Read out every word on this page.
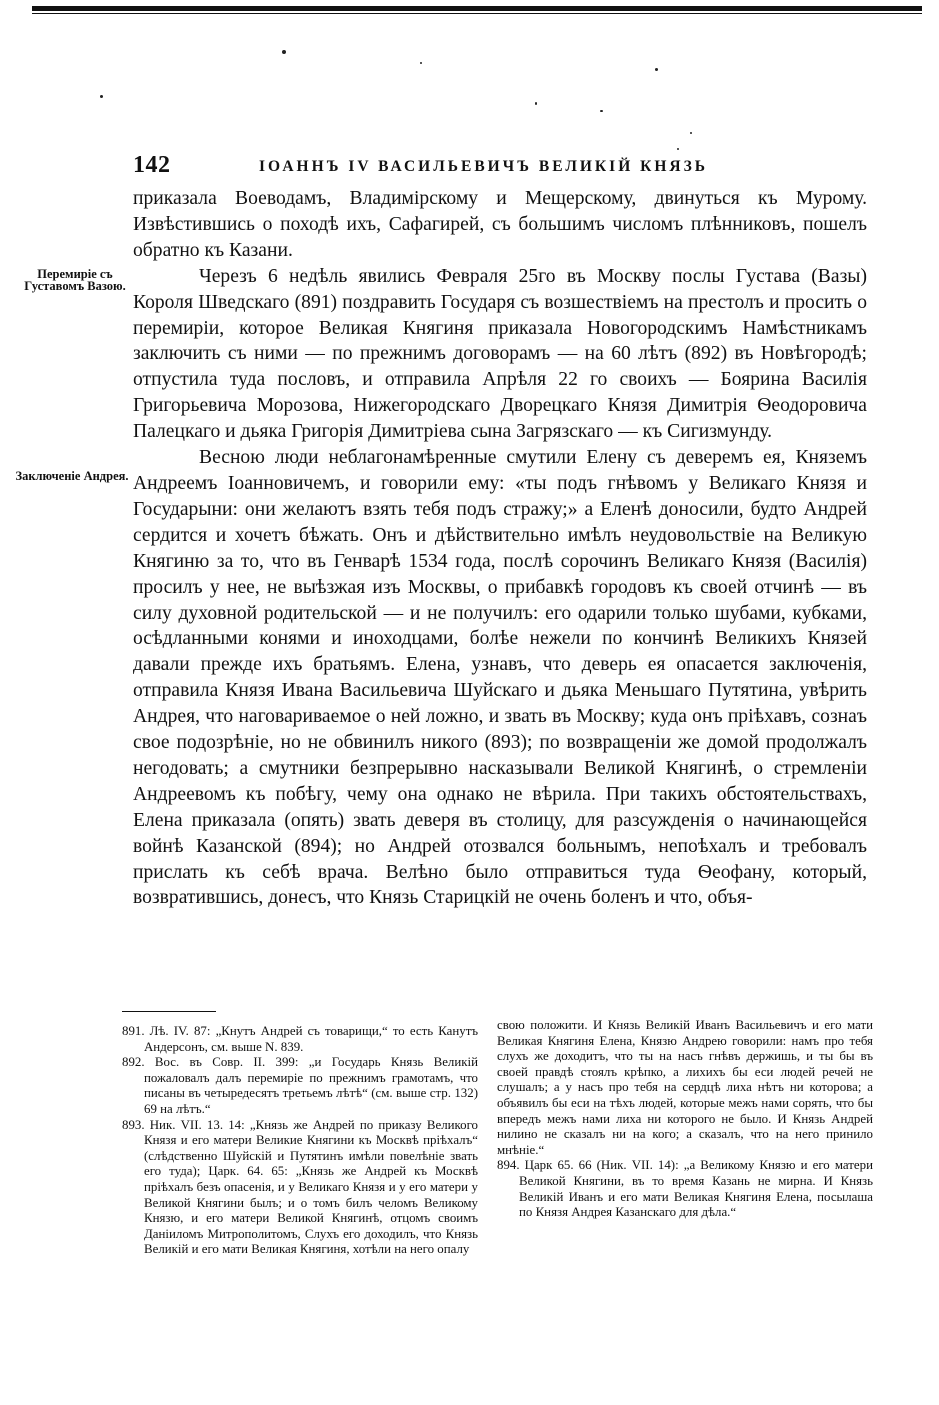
142	ІОАННЪ IV ВАСИЛЬЕВИЧЪ ВЕЛИКІЙ КНЯЗЬ
Перемиріе съ Густавомъ Вазою.
Заключеніе Андрея.

приказала Воеводамъ, Владимірскому и Мещерскому, двинуться къ Мурому. Извѣстившись о походѣ ихъ, Сафагирей, съ большимъ числомъ плѣнниковъ, пошелъ обратно къ Казани.

Черезъ 6 недѣль явились Февраля 25го въ Москву послы Густава (Вазы) Короля Шведскаго (891) поздравить Государя съ возшествіемъ на престолъ и просить о перемиріи, которое Великая Княгиня приказала Новогородскимъ Намѣстникамъ заключить съ ними — по прежнимъ договорамъ — на 60 лѣтъ (892) въ Новѣгородѣ; отпустила туда пословъ, и отправила Апрѣля 22 го своихъ — Боярина Василія Григорьевича Морозова, Нижегородскаго Дворецкаго Князя Димитрія Ѳеодоровича Палецкаго и дьяка Григорія Димитріева сына Загрязскаго — къ Сигизмунду.

Весною люди неблагонамѣренные смутили Елену съ деверемъ ея, Княземъ Андреемъ Іоанновичемъ, и говорили ему: «ты подъ гнѣвомъ у Великаго Князя и Государыни: они желаютъ взять тебя подъ стражу;» а Еленѣ доносили, будто Андрей сердится и хочетъ бѣжать. Онъ и дѣйствительно имѣлъ неудовольствіе на Великую Княгиню за то, что въ Генварѣ 1534 года, послѣ сорочинъ Великаго Князя (Василія) просилъ у нее, не выѣзжая изъ Москвы, о прибавкѣ городовъ къ своей отчинѣ — въ силу духовной родительской — и не получилъ: его одарили только шубами, кубками, осѣдланными конями и иноходцами, болѣе нежели по кончинѣ Великихъ Князей давали прежде ихъ братьямъ. Елена, узнавъ, что деверь ея опасается заключенія, отправила Князя Ивана Васильевича Шуйскаго и дьяка Меньшаго Путятина, увѣрить Андрея, что наговариваемое о ней ложно, и звать въ Москву; куда онъ пріѣхавъ, сознаъ свое подозрѣніе, но не обвинилъ никого (893); по возвращеніи же домой продолжалъ негодовать; а смутники безпрерывно насказывали Великой Княгинѣ, о стремленіи Андреевомъ къ побѣгу, чему она однако не вѣрила. При такихъ обстоятельствахъ, Елена приказала (опять) звать деверя въ столицу, для разсужденія о начинающейся войнѣ Казанской (894); но Андрей отозвался больнымъ, непоѣхалъ и требовалъ прислать къ себѣ врача. Велѣно было отправиться туда Ѳеофану, который, возвратившись, донесъ, что Князь Старицкій не очень боленъ и что, объя-

891. Лѣ. IV. 87: „Кнутъ Андрей съ товарищи,“ то есть Канутъ Андерсонъ, см. выше N. 839.
892. Вос. въ Совр. II. 399: „и Государь Князь Великій пожаловалъ далъ перемиріе по прежнимъ грамотамъ, что писаны въ четыредесятъ третьемъ лѣтѣ“ (см. выше стр. 132) 69 на лѣтъ.“
893. Ник. VII. 13. 14: „Князь же Андрей по приказу Великого Князя и его матери Великие Княгини къ Москвѣ пріѣхалъ“ (слѣдственно Шуйскій и Путятинъ имѣли повелѣніе звать его туда); Царк. 64. 65: „Князь же Андрей къ Москвѣ пріѣхалъ безъ опасенія, и у Великаго Князя и у его матери у Великой Княгини былъ; и о томъ билъ челомъ Великому Князю, и его матери Великой Княгинѣ, отцомъ своимъ Даніиломъ Митрополитомъ, Слухъ его доходилъ, что Князь Великій и его мати Великая Княгиня, хотѣли на него опалу
свою положити. И Князь Великій Иванъ Васильевичъ и его мати Великая Княгиня Елена, Князю Андрею говорили: намъ про тебя слухъ же доходитъ, что ты на насъ гнѣвъ держишь, и ты бы въ своей правдѣ стоялъ крѣпко, а лихихъ бы еси людей речей не слушалъ; а у насъ про тебя на сердцѣ лиха нѣтъ ни которова; а объявилъ бы еси на тѣхъ людей, которые межъ нами сорять, что бы впередъ межъ нами лиха ни которого не было. И Князь Андрей нилино не сказалъ ни на кого; а сказалъ, что на него принило мнѣніе.“
894. Царк 65. 66 (Ник. VII. 14): „а Великому Князю и его матери Великой Княгини, въ то время Казань не мирна. И Князь Великій Иванъ и его мати Великая Княгиня Елена, посылаша по Князя Андрея Казанскаго для дѣла.“
